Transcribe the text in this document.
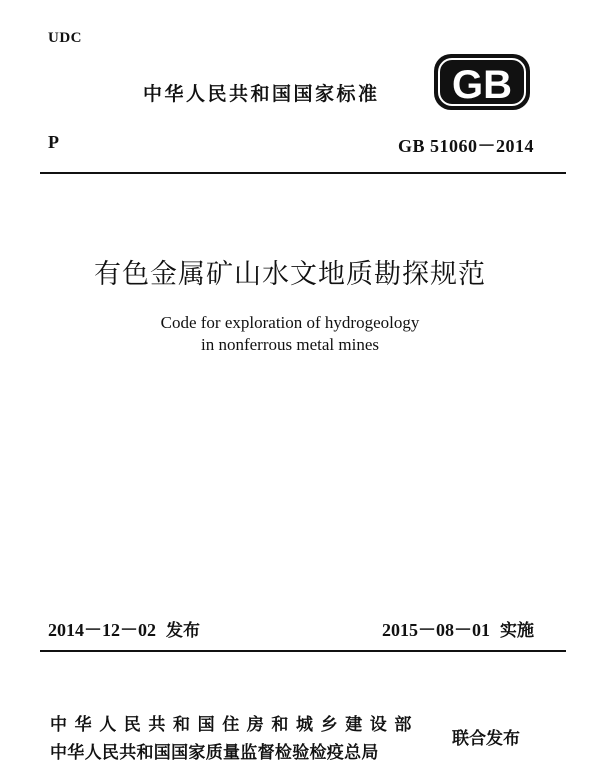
UDC
中华人民共和国国家标准 GB
P	GB 51060－2014
有色金属矿山水文地质勘探规范
Code for exploration of hydrogeology
in nonferrous metal mines
2014－12－02 发布	2015－08－01 实施
中华人民共和国住房和城乡建设部
中华人民共和国国家质量监督检验检疫总局
联合发布
